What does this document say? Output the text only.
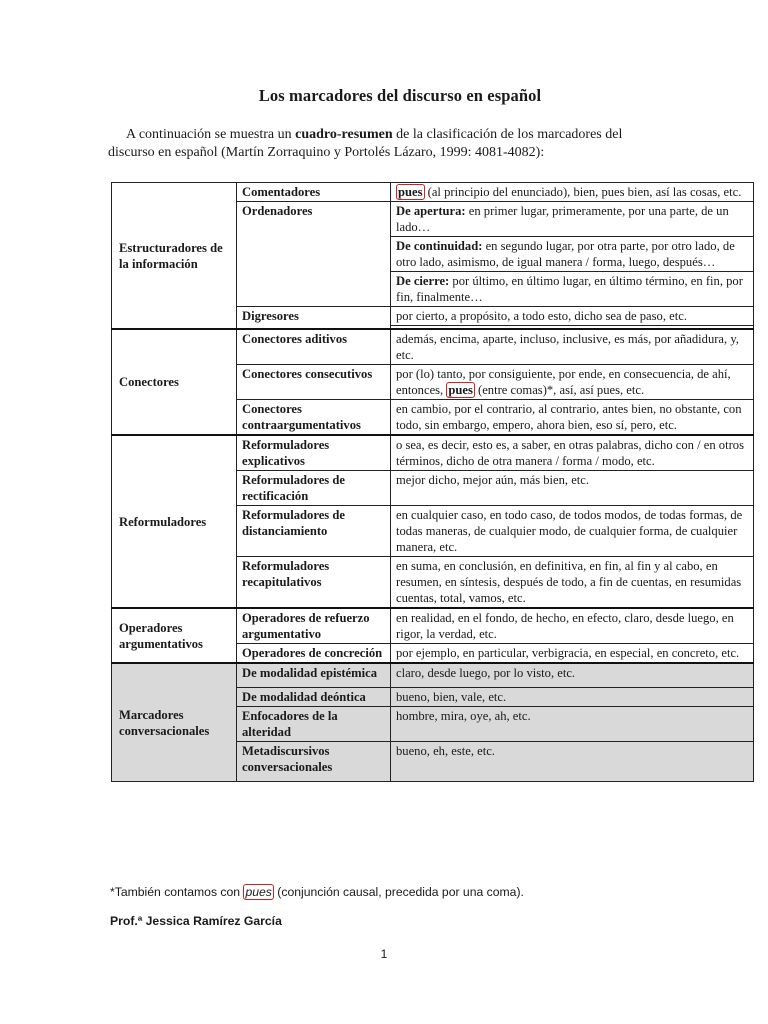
Los marcadores del discurso en español
A continuación se muestra un cuadro-resumen de la clasificación de los marcadores del
discurso en español (Martín Zorraquino y Portolés Lázaro, 1999: 4081-4082):
Estructuradores de la información	Comentadores	pues (al principio del enunciado), bien, pues bien, así las cosas, etc.
	Ordenadores	De apertura: en primer lugar, primeramente, por una parte, de un lado…
		De continuidad: en segundo lugar, por otra parte, por otro lado, de otro lado, asimismo, de igual manera / forma, luego, después…
		De cierre: por último, en último lugar, en último término, en fin, por fin, finalmente…
	Digresores	por cierto, a propósito, a todo esto, dicho sea de paso, etc.

Conectores	Conectores aditivos	además, encima, aparte, incluso, inclusive, es más, por añadidura, y, etc.
	Conectores consecutivos	por (lo) tanto, por consiguiente, por ende, en consecuencia, de ahí, entonces, pues (entre comas)*, así, así pues, etc.
	Conectores contraargumentativos	en cambio, por el contrario, al contrario, antes bien, no obstante, con todo, sin embargo, empero, ahora bien, eso sí, pero, etc.
Reformuladores	Reformuladores explicativos	o sea, es decir, esto es, a saber, en otras palabras, dicho con / en otros términos, dicho de otra manera / forma / modo, etc.
	Reformuladores de rectificación	mejor dicho, mejor aún, más bien, etc.
	Reformuladores de distanciamiento	en cualquier caso, en todo caso, de todos modos, de todas formas, de todas maneras, de cualquier modo, de cualquier forma, de cualquier manera, etc.
	Reformuladores recapitulativos	en suma, en conclusión, en definitiva, en fin, al fin y al cabo, en resumen, en síntesis, después de todo, a fin de cuentas, en resumidas cuentas, total, vamos, etc.
Operadores argumentativos	Operadores de refuerzo argumentativo	en realidad, en el fondo, de hecho, en efecto, claro, desde luego, en rigor, la verdad, etc.
	Operadores de concreción	por ejemplo, en particular, verbigracia, en especial, en concreto, etc.
Marcadores conversacionales	De modalidad epistémica	claro, desde luego, por lo visto, etc.
	De modalidad deóntica	bueno, bien, vale, etc.
	Enfocadores de la alteridad	hombre, mira, oye, ah, etc.
	Metadiscursivos conversacionales	bueno, eh, este, etc.
*También contamos con pues (conjunción causal, precedida por una coma).
Prof.ª Jessica Ramírez García
1
